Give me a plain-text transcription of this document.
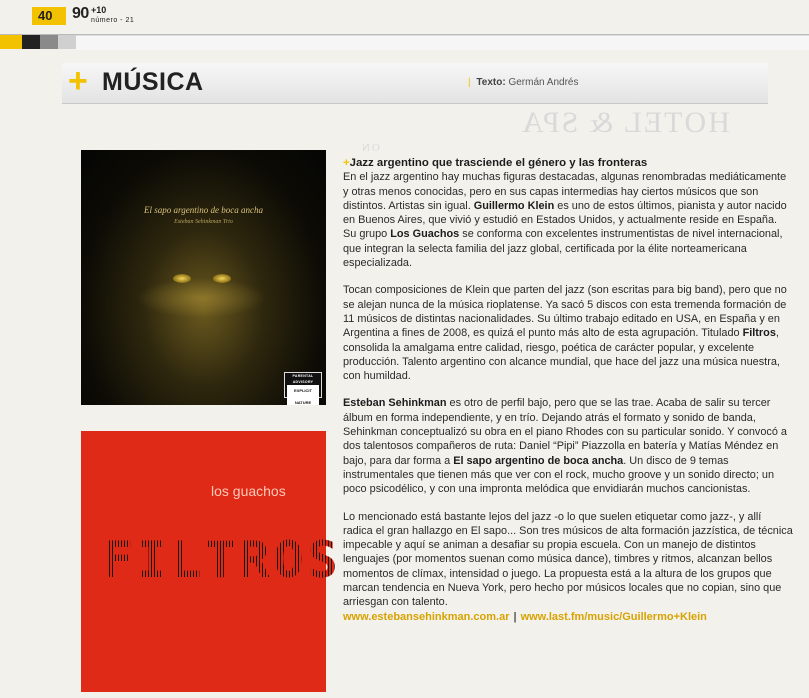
40	90 +10
número - 21
+ MÚSICA	| Texto: Germán Andrés
HOTEL & SPA
ON
El sapo argentino de boca ancha
Esteban Sehinkman Trio
PARENTAL ADVISORY
EXPLICIT NATURE
los guachos
FILTROS

+Jazz argentino que trasciende el género y las fronteras

En el jazz argentino hay muchas figuras destacadas, algunas renombradas mediáticamente y otras menos conocidas, pero en sus capas intermedias hay ciertos músicos que son distintos. Artistas sin igual. Guillermo Klein es uno de estos últimos, pianista y autor nacido en Buenos Aires, que vivió y estudió en Estados Unidos, y actualmente reside en España. Su grupo Los Guachos se conforma con excelentes instrumentistas de nivel internacional, que integran la selecta familia del jazz global, certificada por la élite norteamericana especializada.

Tocan composiciones de Klein que parten del jazz (son escritas para big band), pero que no se alejan nunca de la música rioplatense. Ya sacó 5 discos con esta tremenda formación de 11 músicos de distintas nacionalidades. Su último trabajo editado en USA, en España y en Argentina a fines de 2008, es quizá el punto más alto de esta agrupación. Titulado Filtros, consolida la amalgama entre calidad, riesgo, poética de carácter popular, y excelente producción. Talento argentino con alcance mundial, que hace del jazz una música nuestra, con humildad.

Esteban Sehinkman es otro de perfil bajo, pero que se las trae. Acaba de salir su tercer álbum en forma independiente, y en trío. Dejando atrás el formato y sonido de banda, Sehinkman conceptualizó su obra en el piano Rhodes con su particular sonido. Y convocó a dos talentosos compañeros de ruta: Daniel “Pipi” Piazzolla en batería y Matías Méndez en bajo, para dar forma a El sapo argentino de boca ancha. Un disco de 9 temas instrumentales que tienen más que ver con el rock, mucho groove y un sonido directo; un poco psicodélico, y con una impronta melódica que envidiarán muchos cancionistas.

Lo mencionado está bastante lejos del jazz -o lo que suelen etiquetar como jazz-, y allí radica el gran hallazgo en El sapo... Son tres músicos de alta formación jazzística, de técnica impecable y aquí se animan a desafiar su propia escuela. Con un manejo de distintos lenguajes (por momentos suenan como música dance), timbres y ritmos, alcanzan bellos momentos de clímax, intensidad o juego. La propuesta está a la altura de los grupos que marcan tendencia en Nueva York, pero hecho por músicos locales que no copian, sino que arriesgan con talento.

www.estebansehinkman.com.ar | www.last.fm/music/Guillermo+Klein
